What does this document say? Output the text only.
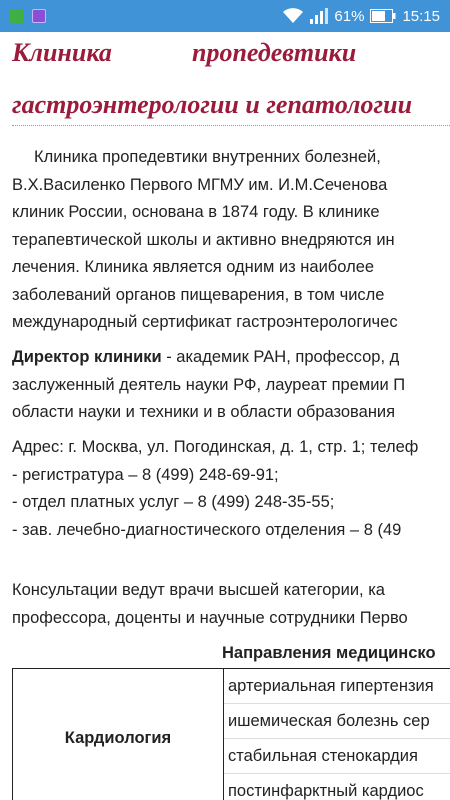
61%	15:15
Клиника	пропедевтики
гастроэнтерологии и гепатологии
Клиника пропедевтики внутренних болезней,
В.Х.Василенко Первого МГМУ им. И.М.Сеченова
клиник России, основана в 1874 году. В клинике
терапевтической школы и активно внедряются ин
лечения. Клиника является одним из наиболее
заболеваний органов пищеварения, в том числе
международный сертификат гастроэнтерологичес
Директор клиники - академик РАН, профессор, д
заслуженный деятель науки РФ, лауреат премии П
области науки и техники и в области образования
Адрес: г. Москва, ул. Погодинская, д. 1, стр. 1; телеф
- регистратура – 8 (499) 248-69-91;
- отдел платных услуг – 8 (499) 248-35-55;
- зав. лечебно-диагностического отделения – 8 (49
Консультации ведут врачи высшей категории, ка
профессора, доценты и научные сотрудники Перво
Направления медицинско
Кардиология	
артериальная гипертензия
ишемическая болезнь сер
стабильная стенокардия
постинфарктный кардиос
